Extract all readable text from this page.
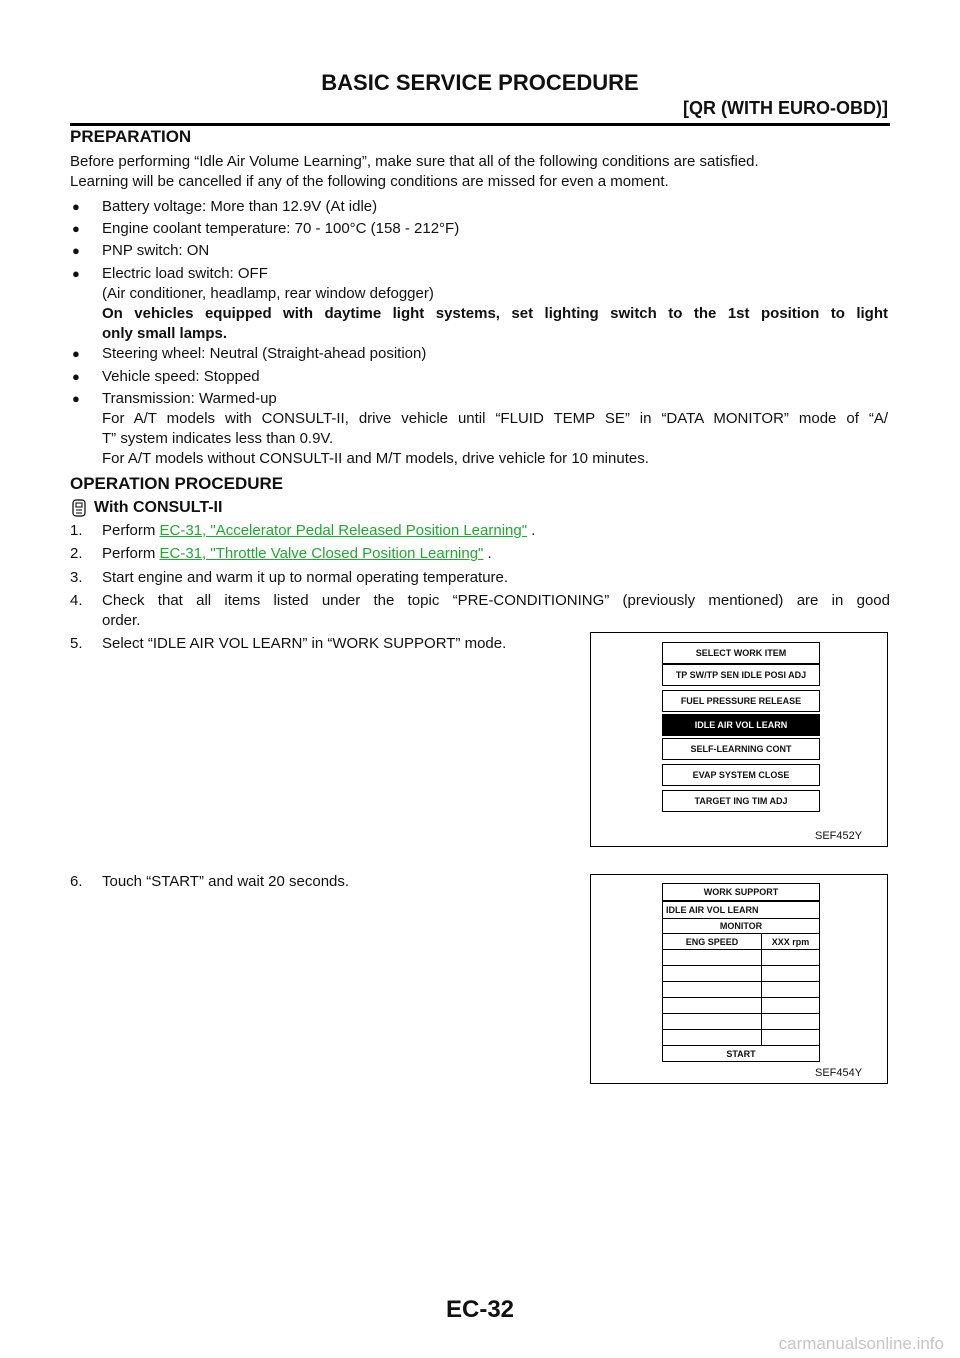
BASIC SERVICE PROCEDURE
[QR (WITH EURO-OBD)]
PREPARATION
Before performing “Idle Air Volume Learning”, make sure that all of the following conditions are satisfied.
Learning will be cancelled if any of the following conditions are missed for even a moment.
● Battery voltage: More than 12.9V (At idle)
● Engine coolant temperature: 70 - 100°C (158 - 212°F)
● PNP switch: ON
● Electric load switch: OFF
(Air conditioner, headlamp, rear window defogger)
On vehicles equipped with daytime light systems, set lighting switch to the 1st position to light
only small lamps.
● Steering wheel: Neutral (Straight-ahead position)
● Vehicle speed: Stopped
● Transmission: Warmed-up
For A/T models with CONSULT-II, drive vehicle until “FLUID TEMP SE” in “DATA MONITOR” mode of “A/
T” system indicates less than 0.9V.
For A/T models without CONSULT-II and M/T models, drive vehicle for 10 minutes.
OPERATION PROCEDURE
With CONSULT-II
1. Perform EC-31, "Accelerator Pedal Released Position Learning" .
2. Perform EC-31, "Throttle Valve Closed Position Learning" .
3. Start engine and warm it up to normal operating temperature.
4.	Check that all items listed under the topic “PRE-CONDITIONING” (previously mentioned) are in good
order.
5. Select “IDLE AIR VOL LEARN” in “WORK SUPPORT” mode.
6. Touch “START” and wait 20 seconds.
SELECT WORK ITEM
TP SW/TP SEN IDLE POSI ADJ
FUEL PRESSURE RELEASE
IDLE AIR VOL LEARN
SELF-LEARNING CONT
EVAP SYSTEM CLOSE
TARGET ING TIM ADJ
SEF452Y
WORK SUPPORT
IDLE AIR VOL LEARN
MONITOR
ENG SPEED	XXX rpm
START
SEF454Y
EC-32
carmanualsonline.info
